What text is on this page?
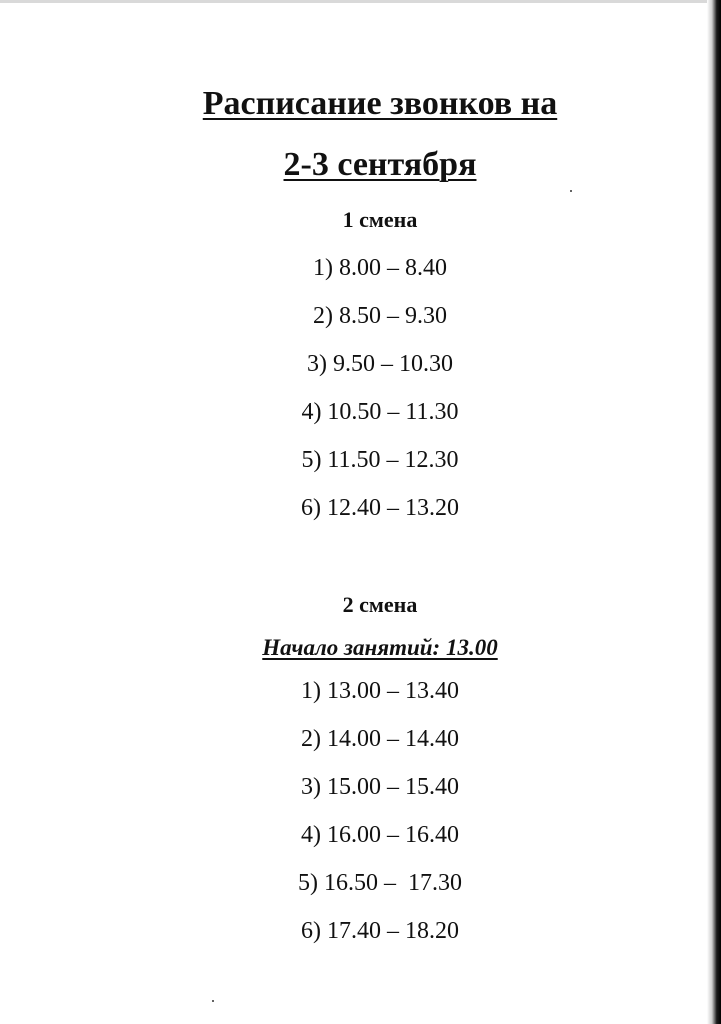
Расписание звонков на
2-3 сентября
1 смена
1) 8.00 – 8.40
2) 8.50 – 9.30
3) 9.50 – 10.30
4) 10.50 – 11.30
5) 11.50 – 12.30
6) 12.40 – 13.20
2 смена
Начало занятий: 13.00
1) 13.00 – 13.40
2) 14.00 – 14.40
3) 15.00 – 15.40
4) 16.00 – 16.40
5) 16.50 –  17.30
6) 17.40 – 18.20
